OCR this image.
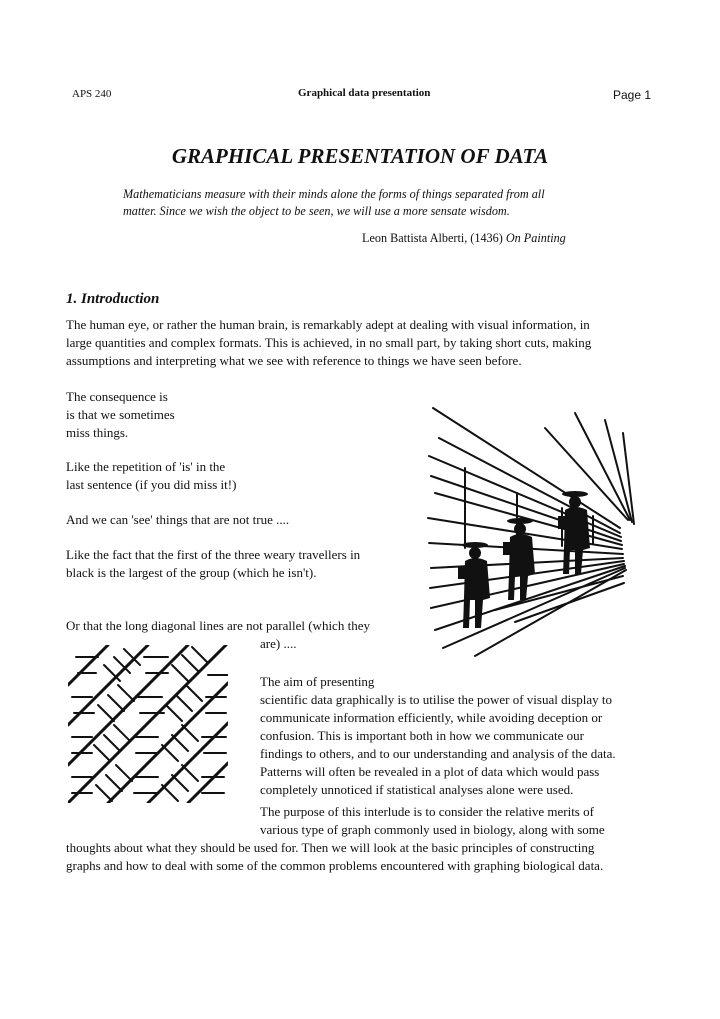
APS 240	Graphical data presentation	Page 1
GRAPHICAL PRESENTATION OF DATA
Mathematicians measure with their minds alone the forms of things separated from all
matter. Since we wish the object to be seen, we will use a more sensate wisdom.
Leon Battista Alberti, (1436) On Painting
1. Introduction
The human eye, or rather the human brain, is remarkably adept at dealing with visual information, in
large quantities and complex formats. This is achieved, in no small part, by taking short cuts, making
assumptions and interpreting what we see with reference to things we have seen before.
The consequence is
is that we sometimes
miss things.
Like the repetition of 'is' in the
last sentence (if you did miss it!)
And we can 'see' things that are not true ....
Like the fact that the first of the three weary travellers in
black is the largest of the group (which he isn't).
Or that the long diagonal lines are not parallel (which they
are) ....
The aim of presenting
scientific data graphically is to utilise the power of visual display to
communicate information efficiently, while avoiding deception or
confusion. This is important both in how we communicate our
findings to others, and to our understanding and analysis of the data.
Patterns will often be revealed in a plot of data which would pass
completely unnoticed if statistical analyses alone were used.
The purpose of this interlude is to consider the relative merits of
various type of graph commonly used in biology, along with some
thoughts about what they should be used for. Then we will look at the basic principles of constructing
graphs and how to deal with some of the common problems encountered with graphing biological data.
